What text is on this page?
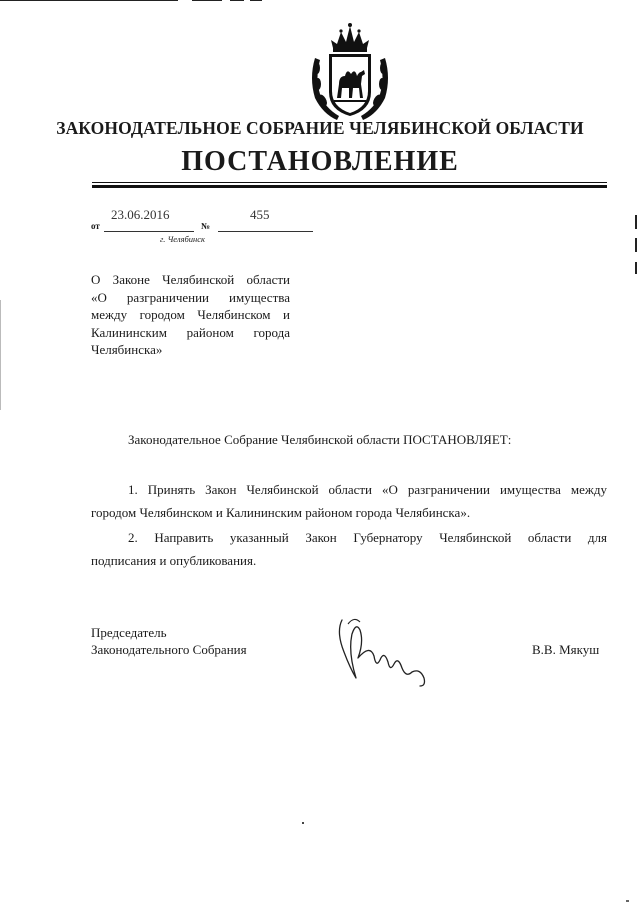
ЗАКОНОДАТЕЛЬНОЕ СОБРАНИЕ ЧЕЛЯБИНСКОЙ ОБЛАСТИ
ПОСТАНОВЛЕНИЕ
от
23.06.2016
№
455
г. Челябинск
О Законе Челябинской области
«О разграничении имущества
между городом Челябинском и
Калининским районом города
Челябинска»
Законодательное Собрание Челябинской области ПОСТАНОВЛЯЕТ:
1. Принять Закон Челябинской области «О разграничении имущества между
городом Челябинском и Калининским районом города Челябинска».
2. Направить указанный Закон Губернатору Челябинской области для
подписания и опубликования.
Председатель
Законодательного Собрания	В.В. Мякуш
